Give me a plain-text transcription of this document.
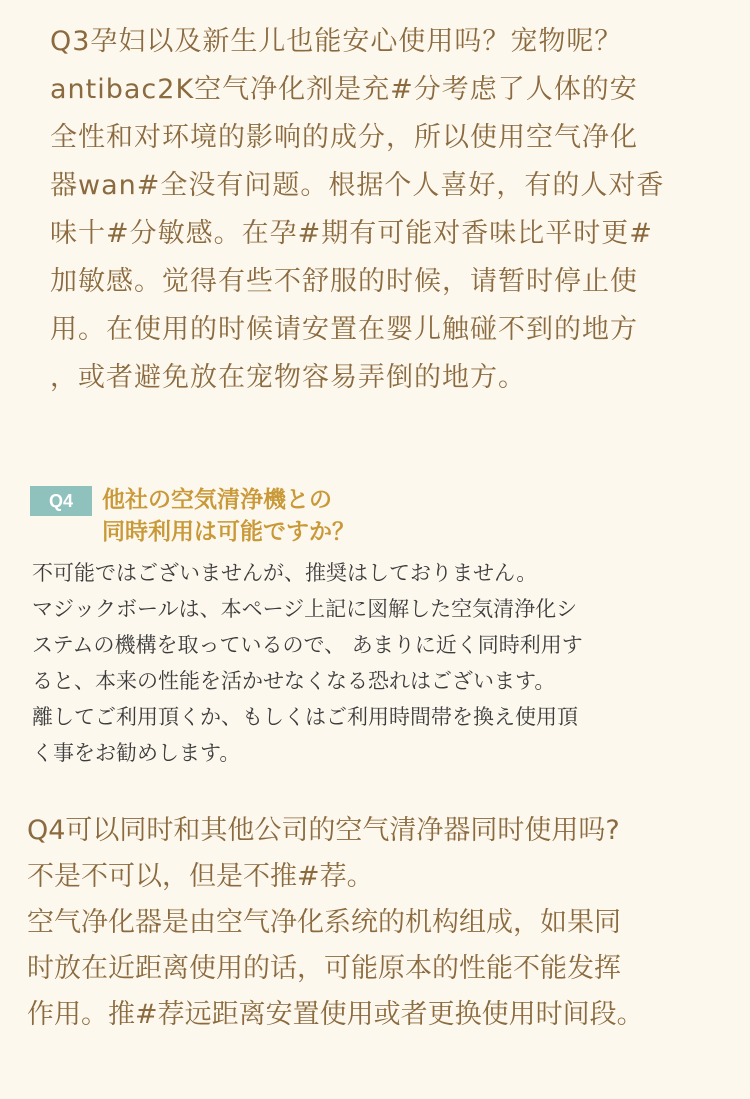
Q3孕妇以及新生儿也能安心使用吗？宠物呢？
antibac2K空气净化剂是充#分考虑了人体的安
全性和对环境的影响的成分，所以使用空气净化
器wan#全没有问题。根据个人喜好，有的人对香
味十#分敏感。在孕#期有可能对香味比平时更#
加敏感。觉得有些不舒服的时候，请暂时停止使
用。在使用的时候请安置在婴儿触碰不到的地方
，或者避免放在宠物容易弄倒的地方。
Q4	他社の空気清浄機との
同時利用は可能ですか？
不可能ではございませんが、推奨はしておりません。
マジックボールは、本ページ上記に図解した空気清浄化シ
ステムの機構を取っているので、 あまりに近く同時利用す
ると、本来の性能を活かせなくなる恐れはございます。
離してご利用頂くか、もしくはご利用時間帯を換え使用頂
く事をお勧めします。
Q4可以同时和其他公司的空气清净器同时使用吗?
不是不可以，但是不推#荐。
空气净化器是由空气净化系统的机构组成，如果同
时放在近距离使用的话，可能原本的性能不能发挥
作用。推#荐远距离安置使用或者更换使用时间段。
